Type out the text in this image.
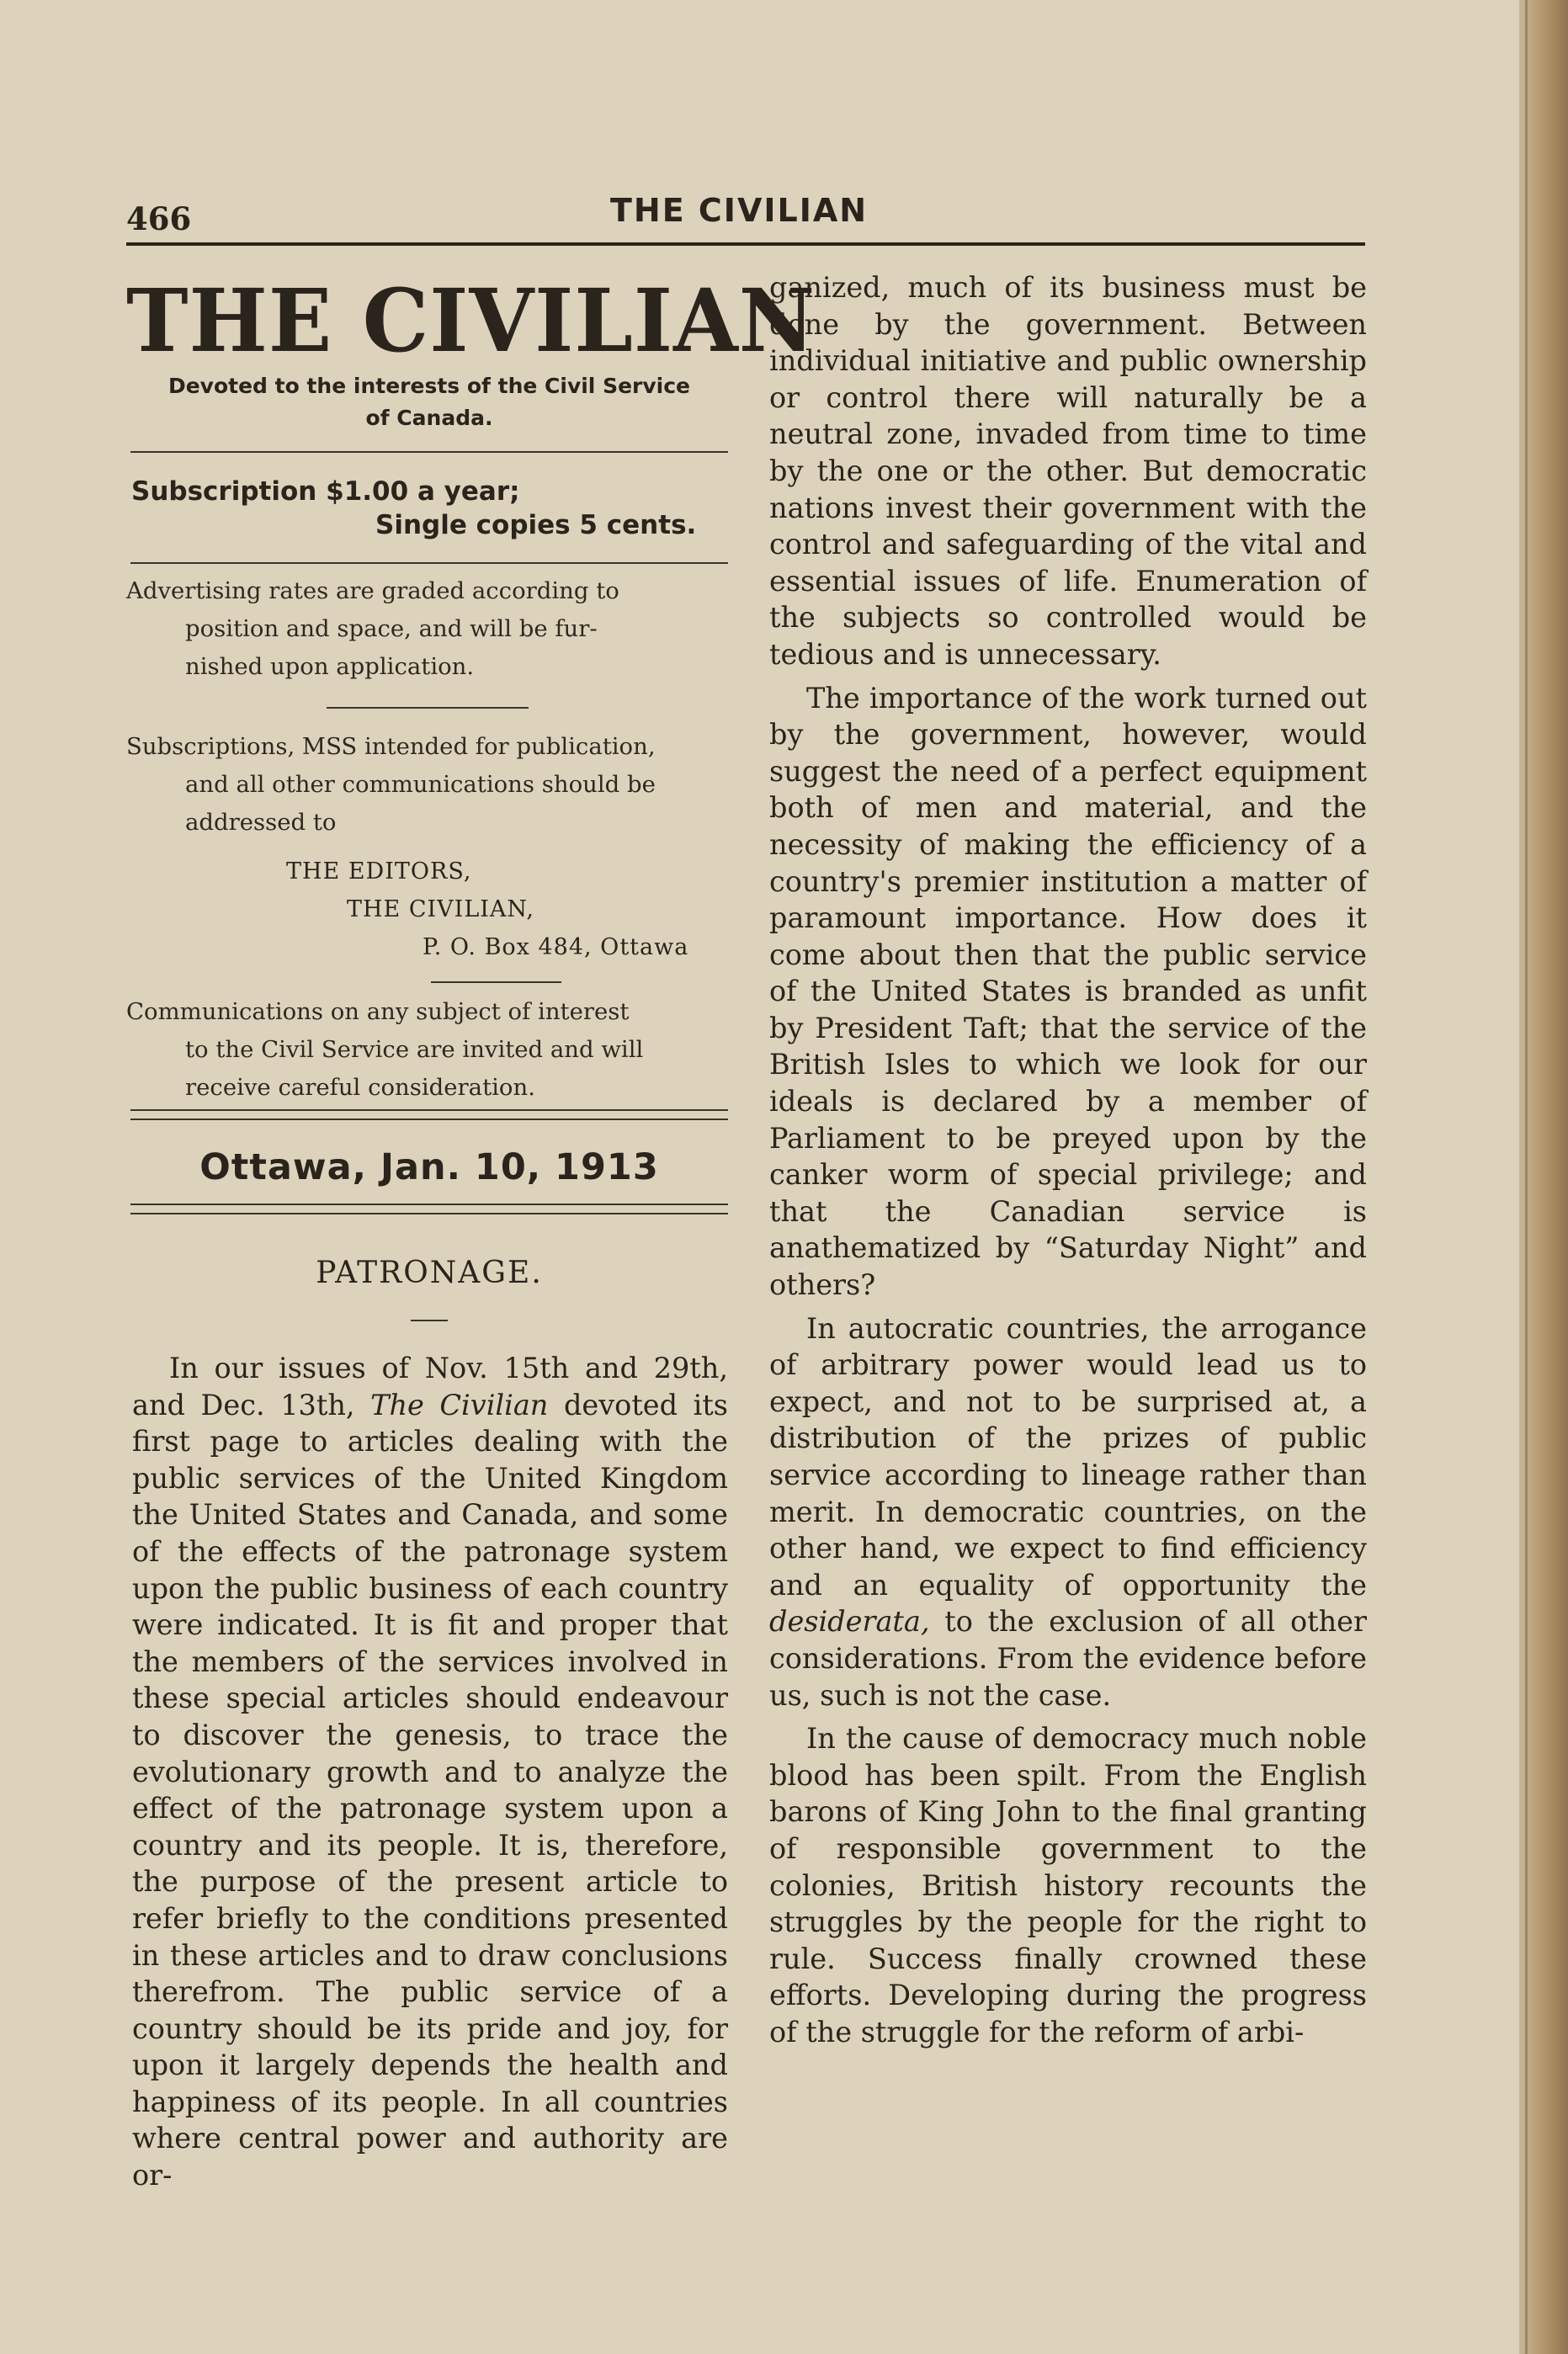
466	THE CIVILIAN
THE CIVILIAN
Devoted to the interests of the Civil Service
of Canada.
Subscription $1.00 a year;
Single copies 5 cents.
Advertising rates are graded according to
position and space, and will be fur-
nished upon application.
Subscriptions, MSS intended for publication,
and all other communications should be
addressed to
THE EDITORS,
THE CIVILIAN,
P. O. Box 484, Ottawa
Communications on any subject of interest
to the Civil Service are invited and will
receive careful consideration.
Ottawa, Jan. 10, 1913
PATRONAGE.

In our issues of Nov. 15th and 29th, and Dec. 13th, The Civilian devoted its first page to articles dealing with the public services of the United Kingdom the United States and Canada, and some of the effects of the patronage system upon the public business of each country were indicated. It is fit and proper that the members of the services involved in these special articles should endeavour to discover the genesis, to trace the evolutionary growth and to analyze the effect of the patronage system upon a country and its people. It is, therefore, the purpose of the present article to refer briefly to the conditions presented in these articles and to draw conclusions therefrom. The public service of a country should be its pride and joy, for upon it largely depends the health and happiness of its people. In all countries where central power and authority are or-

ganized, much of its business must be done by the government. Between individual initiative and public ownership or control there will naturally be a neutral zone, invaded from time to time by the one or the other. But democratic nations invest their government with the control and safeguarding of the vital and essential issues of life. Enumeration of the subjects so controlled would be tedious and is unnecessary.

The importance of the work turned out by the government, however, would suggest the need of a perfect equipment both of men and material, and the necessity of making the efficiency of a country's premier institution a matter of paramount importance. How does it come about then that the public service of the United States is branded as unfit by President Taft; that the service of the British Isles to which we look for our ideals is declared by a member of Parliament to be preyed upon by the canker worm of special privilege; and that the Canadian service is anathematized by “Saturday Night” and others?

In autocratic countries, the arrogance of arbitrary power would lead us to expect, and not to be surprised at, a distribution of the prizes of public service according to lineage rather than merit. In democratic countries, on the other hand, we expect to find efficiency and an equality of opportunity the desiderata, to the exclusion of all other considerations. From the evidence before us, such is not the case.

In the cause of democracy much noble blood has been spilt. From the English barons of King John to the final granting of responsible government to the colonies, British history recounts the struggles by the people for the right to rule. Success finally crowned these efforts. Developing during the progress of the struggle for the reform of arbi-
